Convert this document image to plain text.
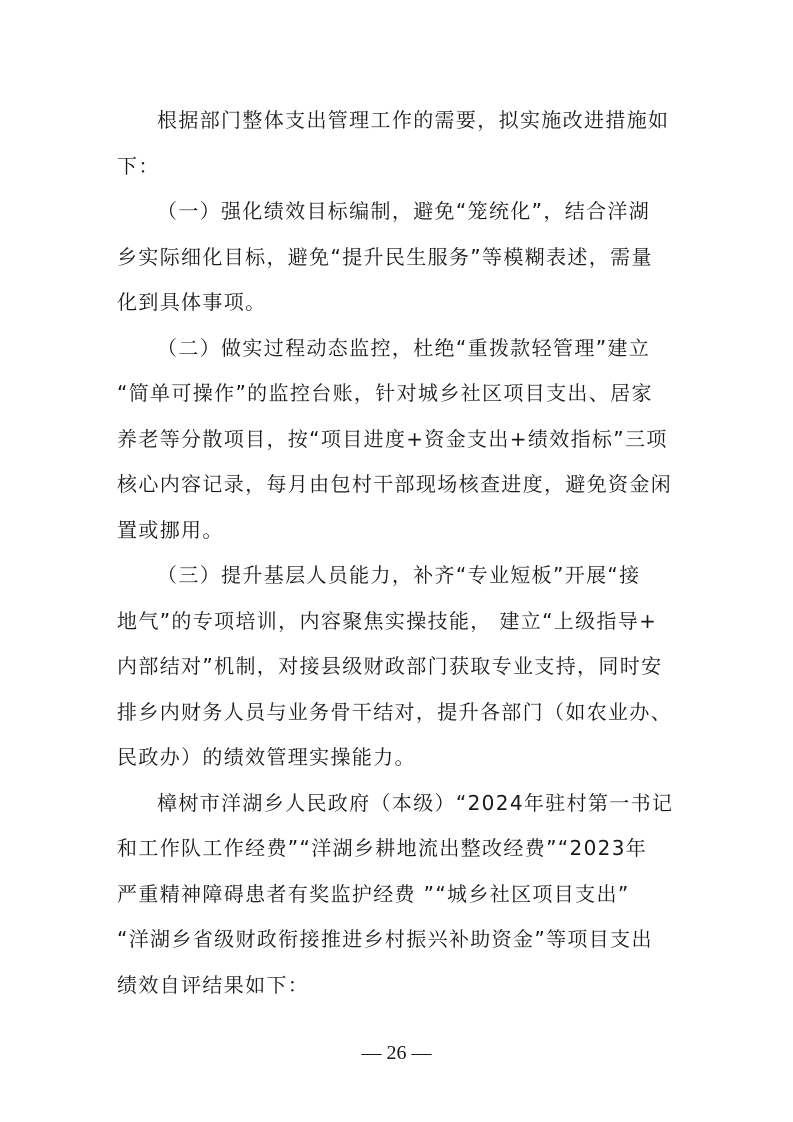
根据部门整体支出管理工作的需要，拟实施改进措施如
下：
（一）强化绩效目标编制，避免“笼统化”，结合洋湖
乡实际细化目标，避免“提升民生服务”等模糊表述，需量
化到具体事项。
（二）做实过程动态监控，杜绝“重拨款轻管理”建立
“简单可操作”的监控台账，针对城乡社区项目支出、居家
养老等分散项目，按“项目进度+资金支出+绩效指标”三项
核心内容记录，每月由包村干部现场核查进度，避免资金闲
置或挪用。
（三）提升基层人员能力，补齐“专业短板”开展“接
地气”的专项培训，内容聚焦实操技能， 建立“上级指导+
内部结对”机制，对接县级财政部门获取专业支持，同时安
排乡内财务人员与业务骨干结对，提升各部门（如农业办、
民政办）的绩效管理实操能力。
樟树市洋湖乡人民政府（本级）“2024年驻村第一书记
和工作队工作经费”“洋湖乡耕地流出整改经费”“2023年
严重精神障碍患者有奖监护经费 ”“城乡社区项目支出”
“洋湖乡省级财政衔接推进乡村振兴补助资金”等项目支出
绩效自评结果如下：
— 26 —
